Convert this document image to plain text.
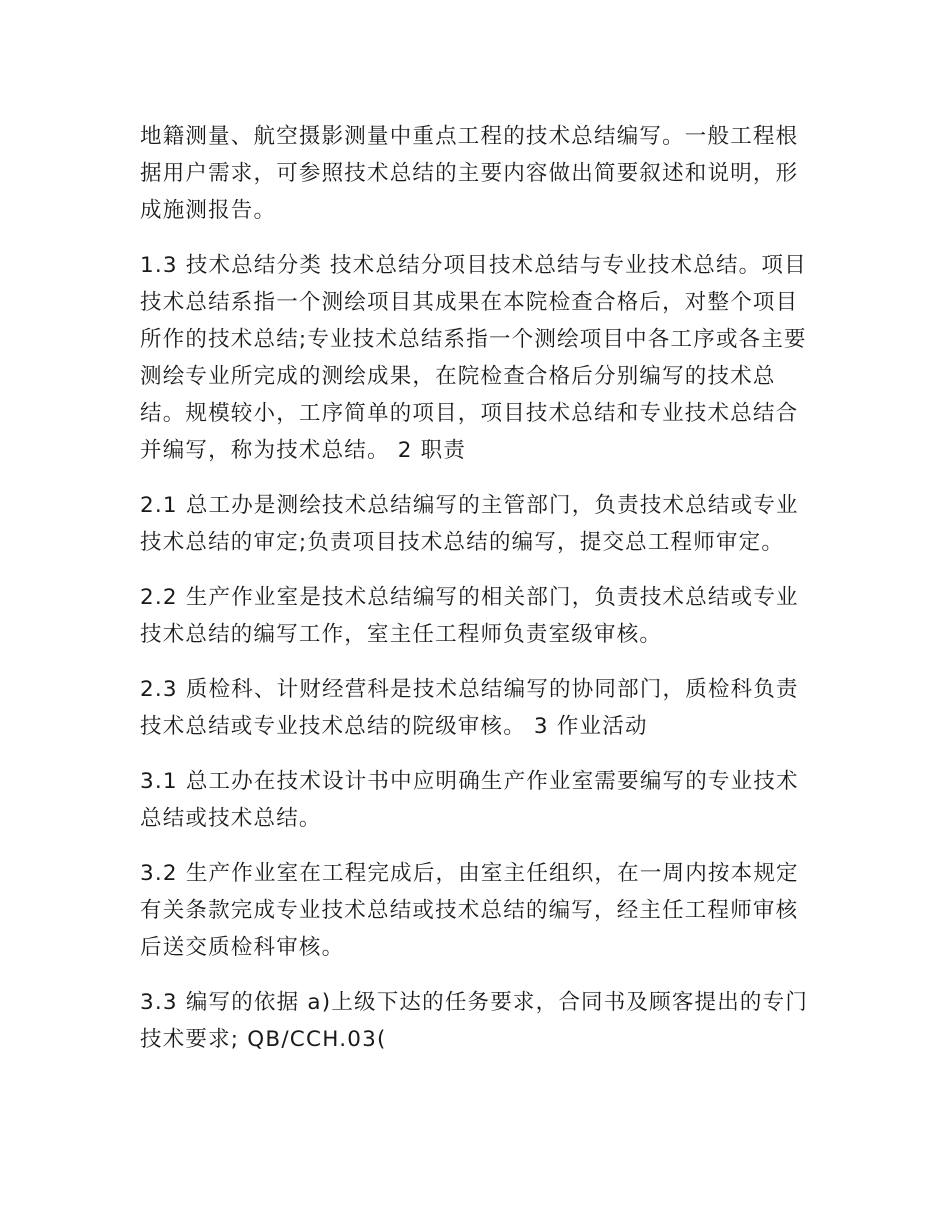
地籍测量、航空摄影测量中重点工程的技术总结编写。一般工程根据用户需求，可参照技术总结的主要内容做出简要叙述和说明，形成施测报告。

1.3 技术总结分类 技术总结分项目技术总结与专业技术总结。项目技术总结系指一个测绘项目其成果在本院检查合格后，对整个项目所作的技术总结;专业技术总结系指一个测绘项目中各工序或各主要测绘专业所完成的测绘成果，在院检查合格后分别编写的技术总结。规模较小，工序简单的项目，项目技术总结和专业技术总结合并编写，称为技术总结。 2 职责

2.1 总工办是测绘技术总结编写的主管部门，负责技术总结或专业技术总结的审定;负责项目技术总结的编写，提交总工程师审定。

2.2 生产作业室是技术总结编写的相关部门，负责技术总结或专业技术总结的编写工作，室主任工程师负责室级审核。

2.3 质检科、计财经营科是技术总结编写的协同部门，质检科负责技术总结或专业技术总结的院级审核。 3 作业活动

3.1 总工办在技术设计书中应明确生产作业室需要编写的专业技术总结或技术总结。

3.2 生产作业室在工程完成后，由室主任组织，在一周内按本规定有关条款完成专业技术总结或技术总结的编写，经主任工程师审核后送交质检科审核。

3.3 编写的依据 a)上级下达的任务要求，合同书及顾客提出的专门技术要求; QB/CCH.03(
